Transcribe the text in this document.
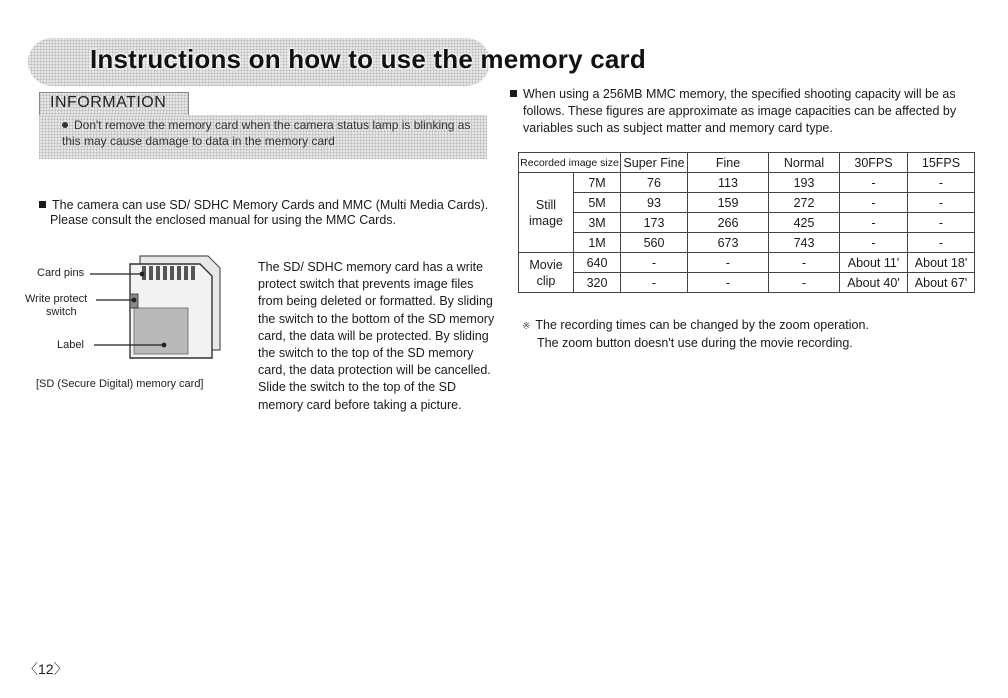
Instructions on how to use the memory card
INFORMATION
Don't remove the memory card when the camera status lamp is blinking as
this may cause damage to data in the memory card
The camera can use SD/ SDHC Memory Cards and MMC (Multi Media Cards).
Please consult the enclosed manual for using the MMC Cards.
Card pins
Write protect
switch
Label
[SD (Secure Digital) memory card]
The SD/ SDHC memory card has a write
protect switch that prevents image files
from being deleted or formatted. By sliding
the switch to the bottom of the SD memory
card, the data will be protected. By sliding
the switch to the top of the SD memory
card, the data protection will be cancelled.
Slide the switch to the top of the SD
memory card before taking a picture.
When using a 256MB MMC memory, the specified shooting capacity will be as
follows. These figures are approximate as image capacities can be affected by
variables such as subject matter and memory card type.
Recorded image size		Super Fine	Fine	Normal	30FPS	15FPS
Still
image	7M	76	113	193	-	-
	5M	93	159	272	-	-
	3M	173	266	425	-	-
	1M	560	673	743	-	-
Movie
clip	640	-	-	-	About 11'	About 18'
	320	-	-	-	About 40'	About 67'
※ The recording times can be changed by the zoom operation.
The zoom button doesn't use during the movie recording.
〈12〉
